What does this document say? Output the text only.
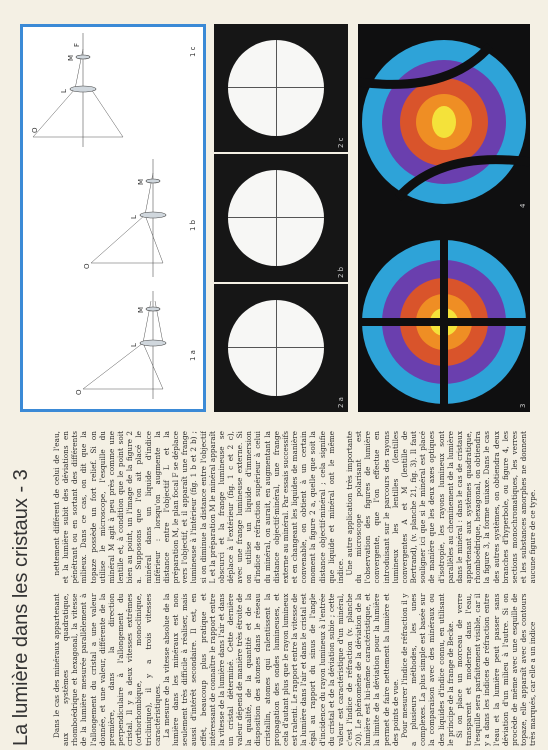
La lumière dans les cristaux - 3	Dans le cas des minéraux appartenant aux systèmes quadratique, rhomboédrique et hexagonal, la vitesse de la lumière mesurée parallèlement à l'allongement du cristal a une valeur donnée, et une valeur, différente de la première, dans la direction perpendiculaire à l'allongement du cristal. Il y a deux vitesses extrêmes (orthorhombique, monoclinique, triclinique), il y a trois vitesses caractéristiques. La mesure de la vitesse absolue de la lumière dans les minéraux est non seulement très difficile à réaliser, mais aussi d'intérêt secondaire. Il est, en effet, beaucoup plus pratique et intéressant de connaître le rapport entre la vitesse de la lumière dans l'air et dans un cristal déterminé. Cette dernière valeur dépend de manière très étroite de la qualité, de la quantité et de la disposition des atomes dans le réseau cristallin, atomes qui ralentissent la propagation des ondes lumineuses, et cela d'autant plus que le rayon lumineux est ralenti. Le rapport entre la vitesse de la lumière dans l'air et dans le cristal est égal au rapport du sinus de l'angle d'incidence du rayon lumineux à l'entrée du cristal et de la déviation subie ; cette valeur est caractéristique d'un minéral, c'est l'indice de réfraction (v. planche 20). Le phénomène de la déviation de la lumière est lui-même caractéristique, et la limite de la déviation pour la lumière permet de faire nettement la lumière et des points de vue. Pour mesurer l'indice de réfraction il y a plusieurs méthodes, les unes complexes. La plus simple est basée sur la comparaison avec des minéraux ou des liquides d'indice connu, en utilisant le principe de la frange de Becke. Si on place un morceau de verre transparent et moderne dans l'eau, l'esquille sera parfaitement visible, car il y a dans les indices de réfraction entre l'eau et la lumière peut passer sans déviation d'un milieu à l'autre. Si on procède de même avec une esquille de topaze, elle apparaît avec des contours très marqués, car elle a un indice

nettement différent de celui de l'eau, et la lumière subit des déviations en pénétrant ou en sortant des différents milieux. Dans ce cas, on dit que la topaze possède un fort relief. Si on utilise le microscope, l'esquille du minéral M agit à peu près comme une lentille et, à condition que le point soit bien au point, un l'image de la figure 2 a. Supposons que l'on ait placé le minéral dans un liquide d'indice inférieur : lorsqu'on augmente la distance entre l'objectif L et la préparation M, le plan focal F se déplace vers l'objectif, et il apparaît une frange lumineuse à l'intérieur (fig. 1 b et 2 b) ; si on diminue la distance entre l'objectif L et la préparation M le minéral apparaît obscurci et la frange lumineuse se déplace à l'extérieur (fig. 1 c et 2 c), avec une frange lumineuse externe. Si on utilise un liquide d'immersion d'indice de réfraction supérieur à celui du minéral, on aurait, en augmentant la distance objectif-minéral, une frange externe au minéral. Par essais successifs et en changeant les liquides de manière convenable, on obtient à un certain moment la figure 2 a, quelle que soit la distance objectif-minéral ; cela signifie que liquide et minéral ont le même indice. Une autre application très importante du microscope polarisant est l'observation des figures de lumière convergente, que l'on effectue en introduisant sur le parcours des rayons lumineux les lentilles (lentilles convergentes A et M (lentille de Bertrand), (v. planche 21, fig. 3). Il faut souligner ici que si le minéral est placé de manière que les deux axes optiques d'isotropie, les rayons lumineux sont parallèles au cheminement de la lumière dans le minéral : dans le cas de cristaux appartenant aux systèmes quadratique, rhomboédrique, hexagonal, on obtiendra la figure 3, la forme uniaxe. Dans le cas des autres systèmes, on obtiendra deux branches d'hyperbole, ou figure 4, les sections monochromatiques, les verres et les substances amorphes ne donnent aucune figure de ce type.

O
L
M
O
L
M
O
L
M
F
1 a
1 b
1 c
2 a
2 b
2 c
3
4
